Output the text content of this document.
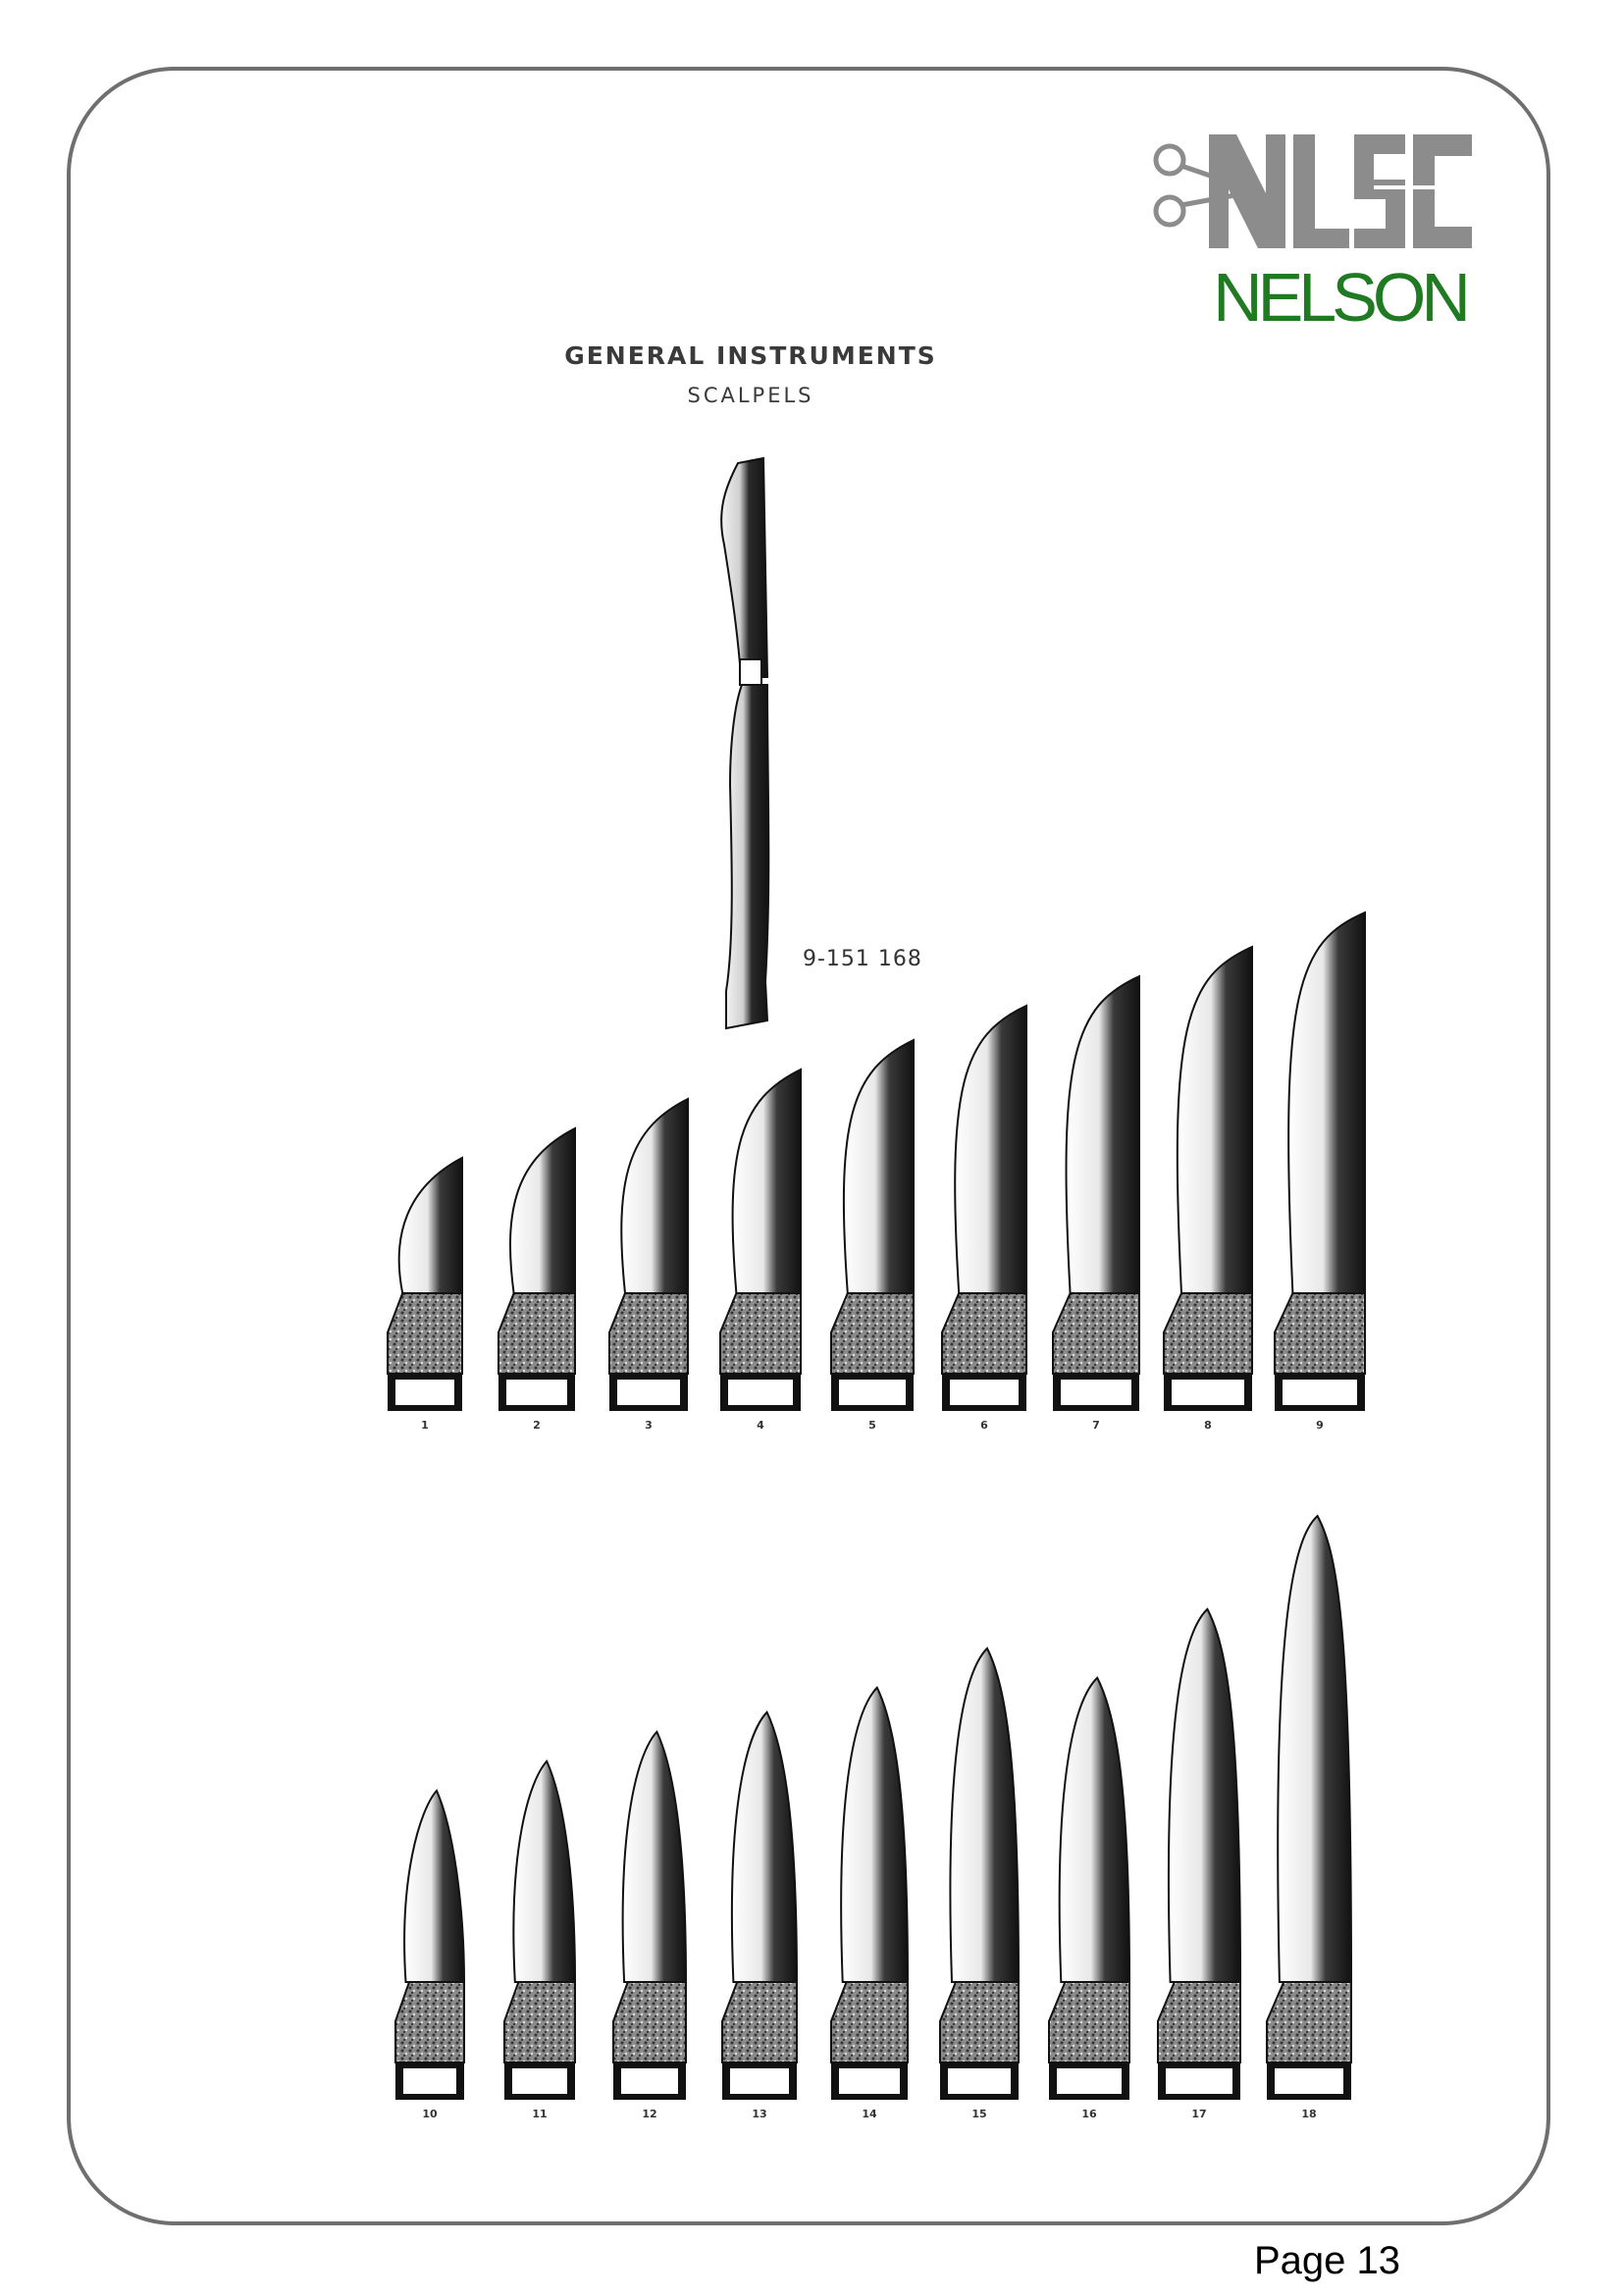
NELSON
GENERAL INSTRUMENTS
SCALPELS
1	2	3	4	5	6	7	8	9
10	11	12	13	14	15	16	17	18
9-151 168
Page 13
